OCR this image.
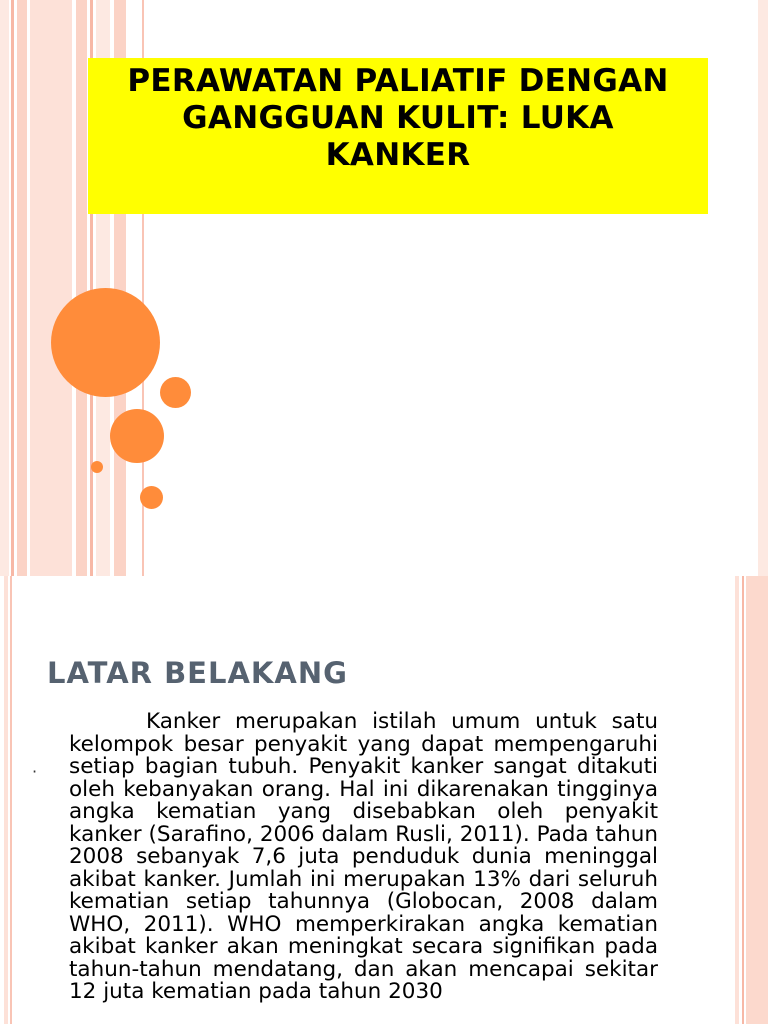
PERAWATAN PALIATIF DENGAN
GANGGUAN KULIT: LUKA
KANKER
LATAR BELAKANG
·

Kanker merupakan istilah umum untuk satu kelompok besar penyakit yang dapat mempengaruhi setiap bagian tubuh. Penyakit kanker sangat ditakuti oleh kebanyakan orang. Hal ini dikarenakan tingginya angka kematian yang disebabkan oleh penyakit kanker (Sarafino, 2006 dalam Rusli, 2011). Pada tahun 2008 sebanyak 7,6 juta penduduk dunia meninggal akibat kanker. Jumlah ini merupakan 13% dari seluruh kematian setiap tahunnya (Globocan, 2008 dalam WHO, 2011). WHO memperkirakan angka kematian akibat kanker akan meningkat secara signifikan pada tahun-tahun mendatang, dan akan mencapai sekitar 12 juta kematian pada tahun 2030
